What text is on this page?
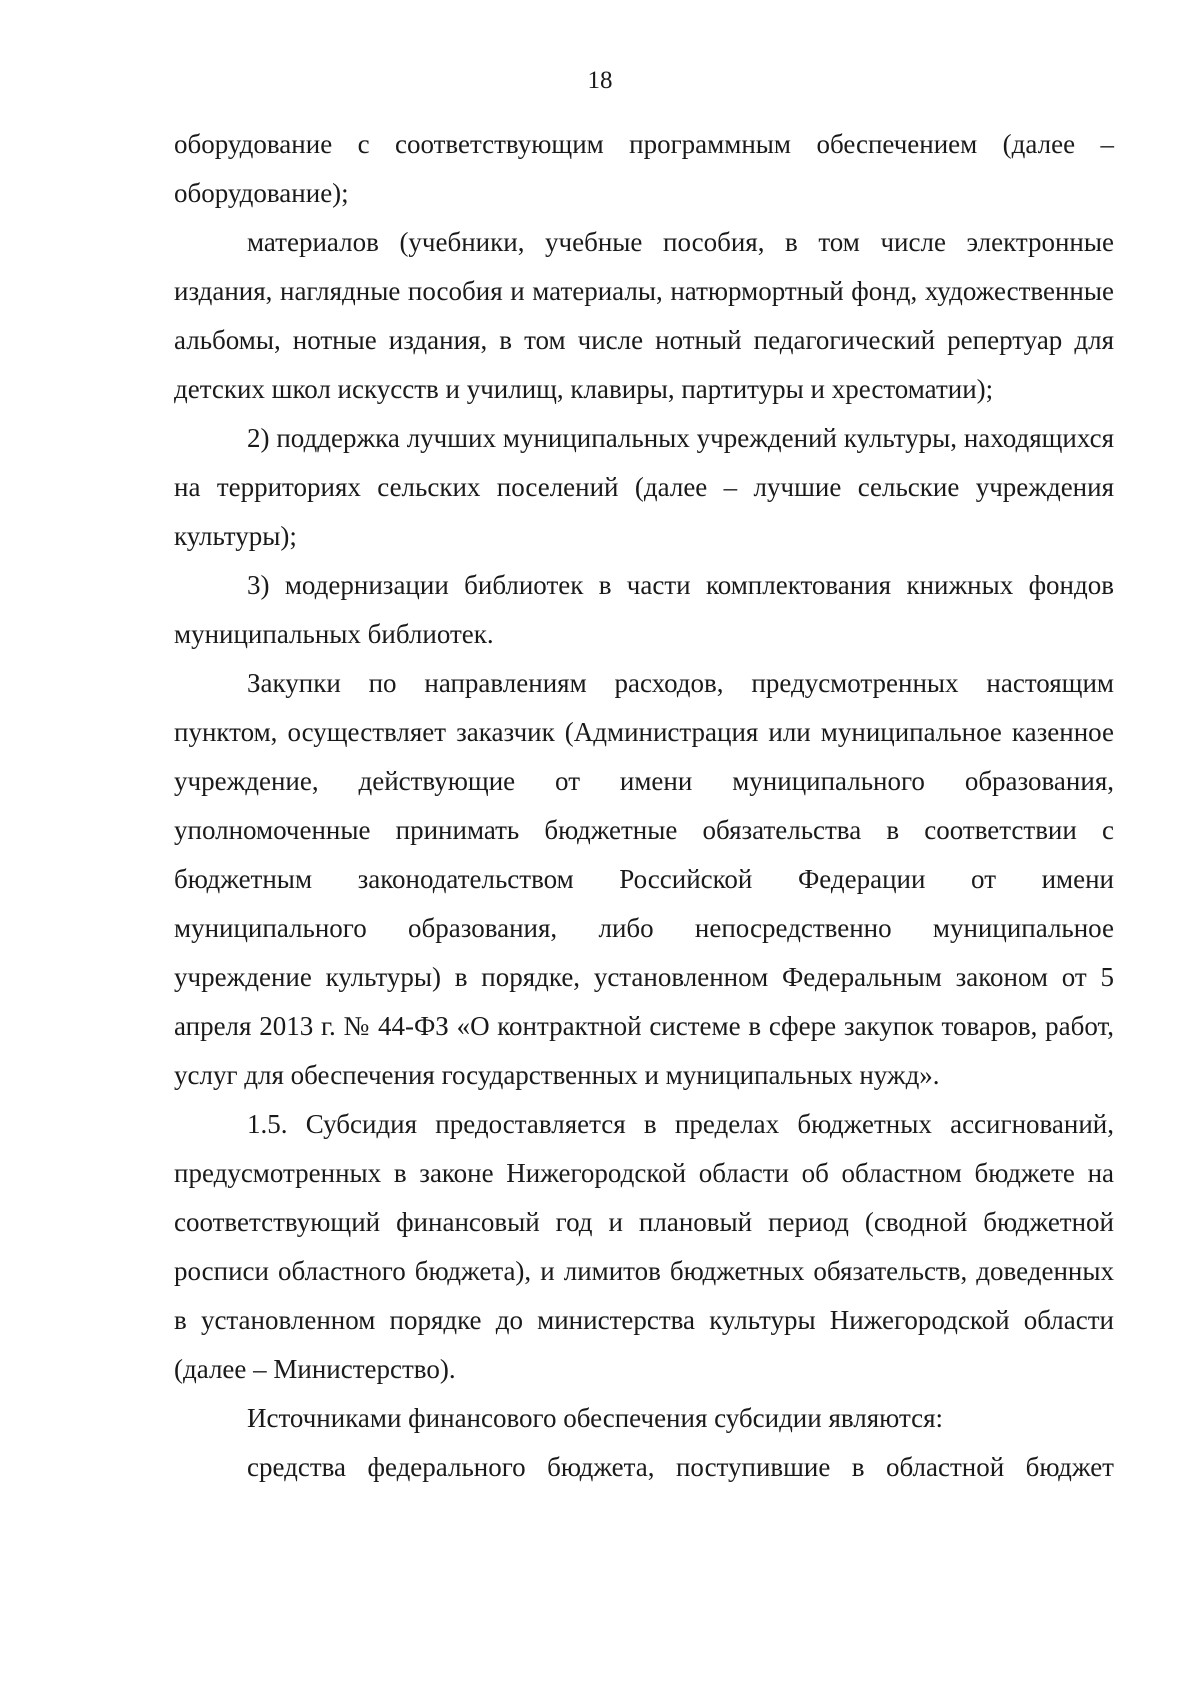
18

оборудование с соответствующим программным обеспечением (далее – оборудование);

материалов (учебники, учебные пособия, в том числе электронные издания, наглядные пособия и материалы, натюрмортный фонд, художественные альбомы, нотные издания, в том числе нотный педагогический репертуар для детских школ искусств и училищ, клавиры, партитуры и хрестоматии);

2) поддержка лучших муниципальных учреждений культуры, находящихся на территориях сельских поселений (далее – лучшие сельские учреждения культуры);

3) модернизации библиотек в части комплектования книжных фондов муниципальных библиотек.

Закупки по направлениям расходов, предусмотренных настоящим пунктом, осуществляет заказчик (Администрация или муниципальное казенное учреждение, действующие от имени муниципального образования, уполномоченные принимать бюджетные обязательства в соответствии с бюджетным законодательством Российской Федерации от имени муниципального образования, либо непосредственно муниципальное учреждение культуры) в порядке, установленном Федеральным законом от 5 апреля 2013 г. № 44-ФЗ «О контрактной системе в сфере закупок товаров, работ, услуг для обеспечения государственных и муниципальных нужд».

1.5. Субсидия предоставляется в пределах бюджетных ассигнований, предусмотренных в законе Нижегородской области об областном бюджете на соответствующий финансовый год и плановый период (сводной бюджетной росписи областного бюджета), и лимитов бюджетных обязательств, доведенных в установленном порядке до министерства культуры Нижегородской области (далее – Министерство).

Источниками финансового обеспечения субсидии являются:

средства федерального бюджета, поступившие в областной бюджет
